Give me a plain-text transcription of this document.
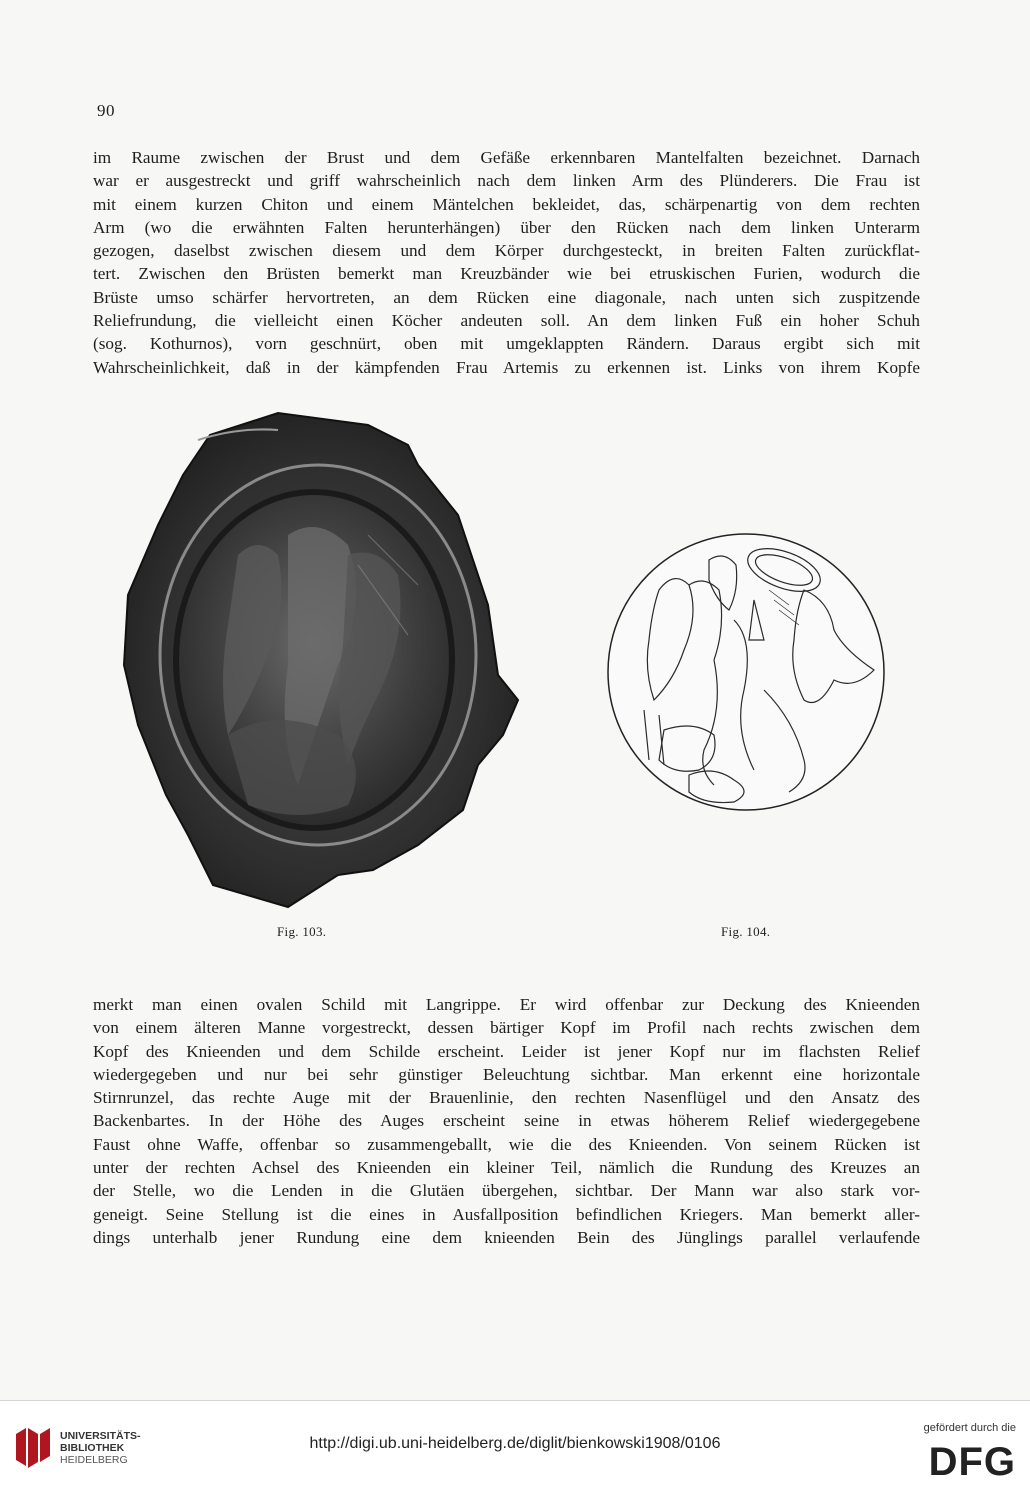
90
im Raume zwischen der Brust und dem Gefäße erkennbaren Mantelfalten bezeichnet. Darnach
war er ausgestreckt und griff wahrscheinlich nach dem linken Arm des Plünderers. Die Frau ist
mit einem kurzen Chiton und einem Mäntelchen bekleidet, das, schärpenartig von dem rechten
Arm (wo die erwähnten Falten herunterhängen) über den Rücken nach dem linken Unterarm
gezogen, daselbst zwischen diesem und dem Körper durchgesteckt, in breiten Falten zurückflat-
tert. Zwischen den Brüsten bemerkt man Kreuzbänder wie bei etruskischen Furien, wodurch die
Brüste umso schärfer hervortreten, an dem Rücken eine diagonale, nach unten sich zuspitzende
Reliefrundung, die vielleicht einen Köcher andeuten soll. An dem linken Fuß ein hoher Schuh
(sog. Kothurnos), vorn geschnürt, oben mit umgeklappten Rändern. Daraus ergibt sich mit
Wahrscheinlichkeit, daß in der kämpfenden Frau Artemis zu erkennen ist. Links von ihrem Kopfe
Fig. 103.	Fig. 104.
merkt man einen ovalen Schild mit Langrippe. Er wird offenbar zur Deckung des Knieenden
von einem älteren Manne vorgestreckt, dessen bärtiger Kopf im Profil nach rechts zwischen dem
Kopf des Knieenden und dem Schilde erscheint. Leider ist jener Kopf nur im flachsten Relief
wiedergegeben und nur bei sehr günstiger Beleuchtung sichtbar. Man erkennt eine horizontale
Stirnrunzel, das rechte Auge mit der Brauenlinie, den rechten Nasenflügel und den Ansatz des
Backenbartes. In der Höhe des Auges erscheint seine in etwas höherem Relief wiedergegebene
Faust ohne Waffe, offenbar so zusammengeballt, wie die des Knieenden. Von seinem Rücken ist
unter der rechten Achsel des Knieenden ein kleiner Teil, nämlich die Rundung des Kreuzes an
der Stelle, wo die Lenden in die Glutäen übergehen, sichtbar. Der Mann war also stark vor-
geneigt. Seine Stellung ist die eines in Ausfallposition befindlichen Kriegers. Man bemerkt aller-
dings unterhalb jener Rundung eine dem knieenden Bein des Jünglings parallel verlaufende
UNIVERSITÄTS-
BIBLIOTHEK
HEIDELBERG
http://digi.ub.uni-heidelberg.de/diglit/bienkowski1908/0106
gefördert durch die
DFG
